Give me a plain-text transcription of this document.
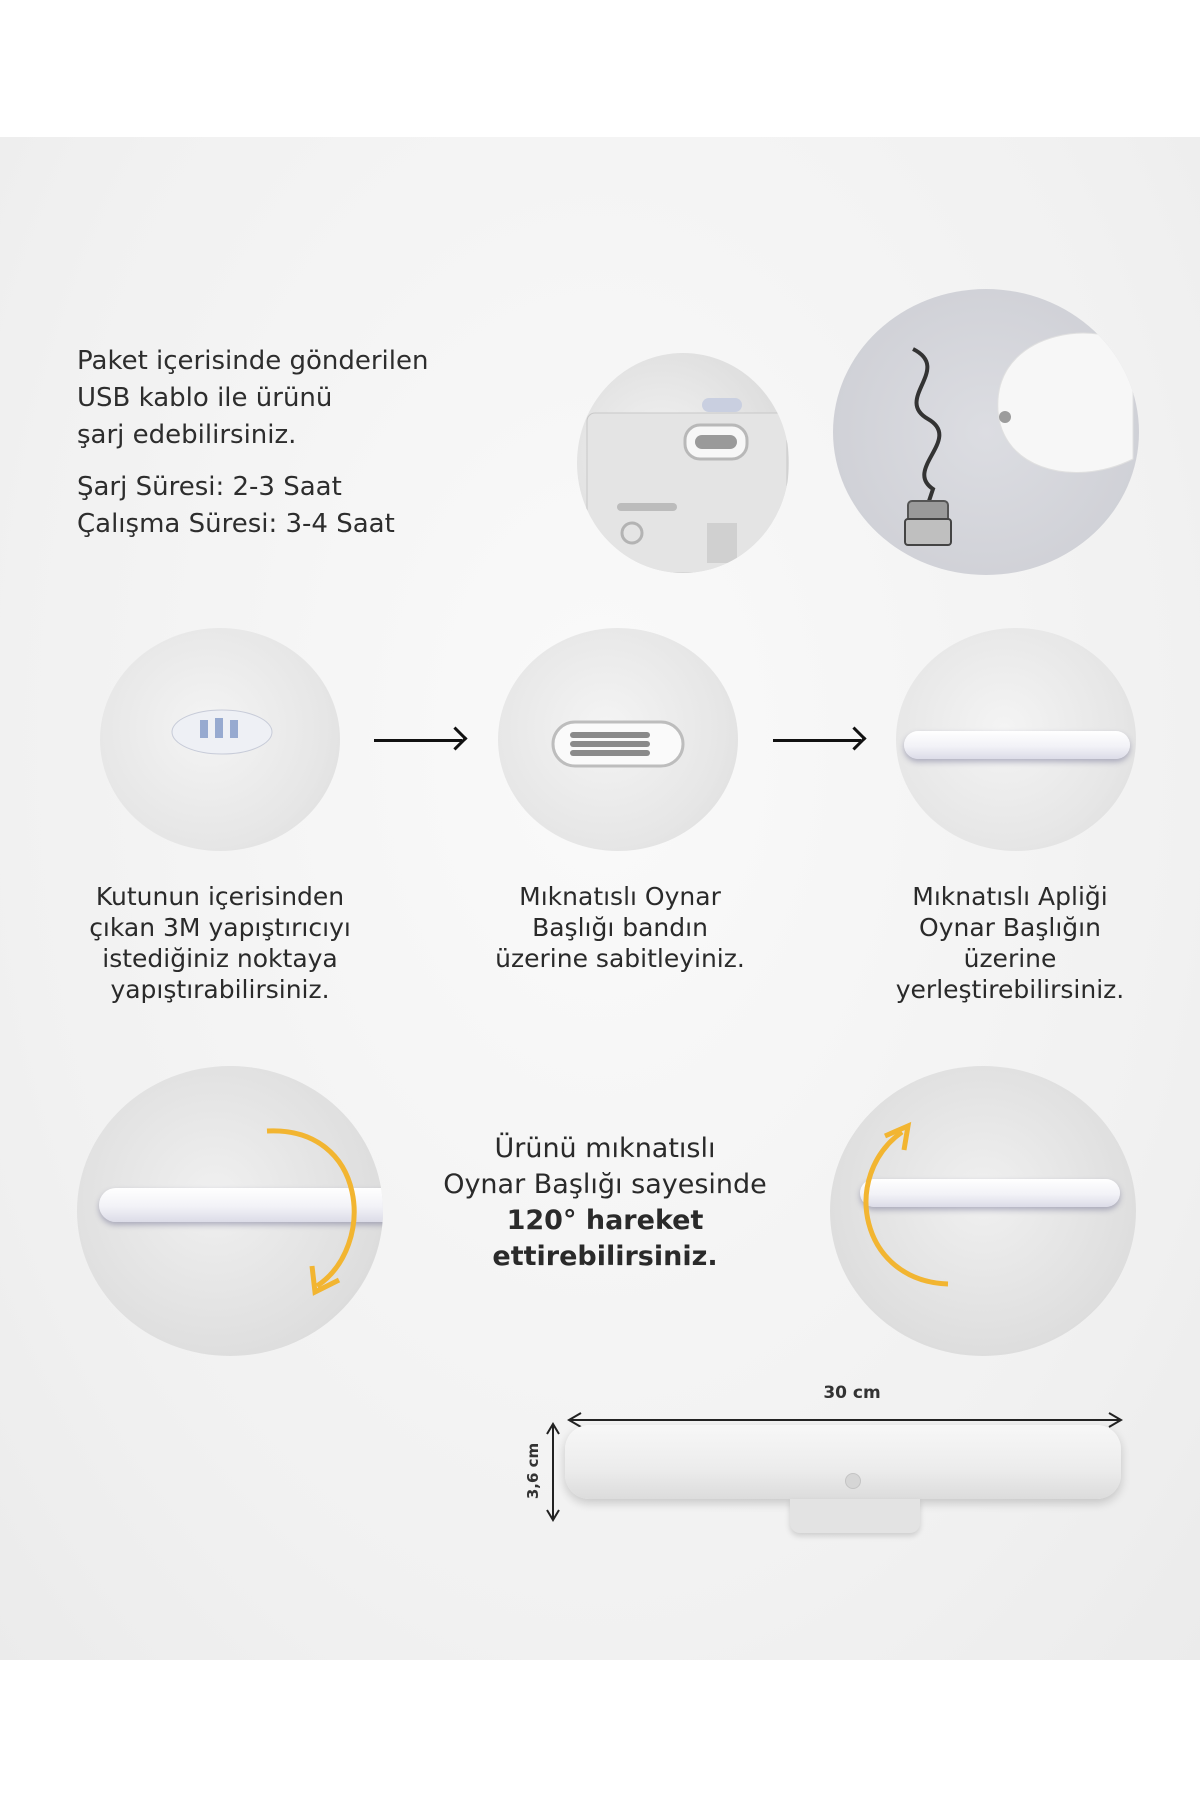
Paket içerisinde gönderilen
USB kablo ile ürünü
şarj edebilirsiniz.
Şarj Süresi: 2-3 Saat
Çalışma Süresi: 3-4 Saat
Kutunun içerisinden
çıkan 3M yapıştırıcıyı
istediğiniz noktaya
yapıştırabilirsiniz.
Mıknatıslı Oynar
Başlığı bandın
üzerine sabitleyiniz.
Mıknatıslı Apliği
Oynar Başlığın
üzerine
yerleştirebilirsiniz.
Ürünü mıknatıslı
Oynar Başlığı sayesinde
120° hareket
ettirebilirsiniz.
30 cm
3,6 cm
